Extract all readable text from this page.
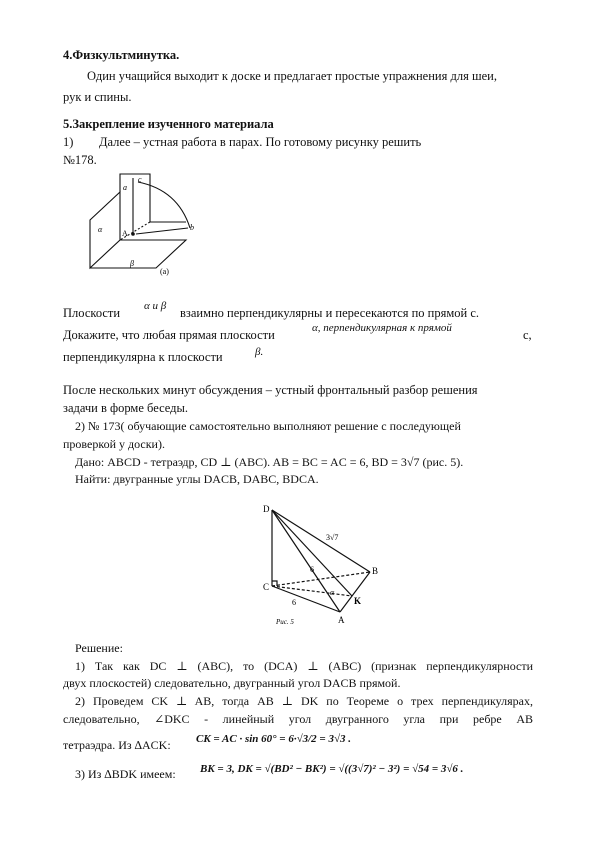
4.Физкультминутка.
Один учащийся выходит к доске и предлагает простые упражнения для шеи,
рук и спины.
5.Закрепление изученного материала
1) Далее – устная работа в парах. По готовому рисунку решить
№178.
a
c
A
b
α
β
(а)
Плоскости α и β взаимно перпендикулярны и пересекаются по прямой c.
Докажите, что любая прямая плоскости	α, перпендикулярная к прямой	c,
перпендикулярна к плоскости	β.
После нескольких минут обсуждения – устный фронтальный разбор решения
задачи в форме беседы.
2) № 173( обучающие самостоятельно выполняют решение с последующей
проверкой у доски).
Дано: ABCD - тетраэдр, CD ⊥ (ABC). AB = BC = AC = 6, BD = 3√7 (рис. 5).
Найти: двугранные углы DACB, DABC, BDCA.
D
C
B
A
K
3√7
6
6
α
Рис. 5
Решение:
1) Так как DC ⊥ (ABC), то (DCA) ⊥ (ABC) (признак перпендикулярности
двух плоскостей) следовательно, двугранный угол DACB прямой.
2) Проведем CK ⊥ AB, тогда AB ⊥ DK по Теореме о трех перпендикулярах,
следовательно, ∠DKC - линейный угол двугранного угла при ребре AB
тетраэдра. Из ∆ACK: CK = AC · sin 60° = 6·√3/2 = 3√3 .
3) Из ∆BDK имеем: BK = 3, DK = √(BD² − BK²) = √((3√7)² − 3²) = √54 = 3√6 .
